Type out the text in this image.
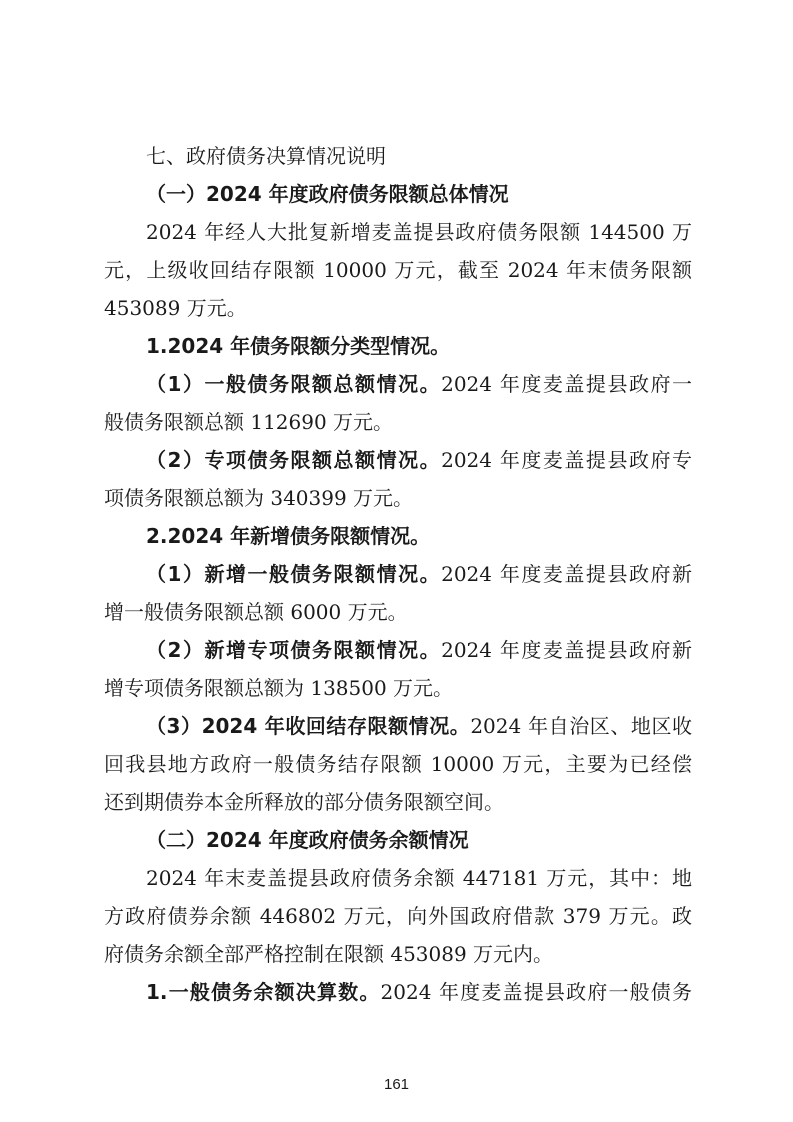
七、政府债务决算情况说明
（一）2024 年度政府债务限额总体情况
2024 年经人大批复新增麦盖提县政府债务限额 144500 万
元，上级收回结存限额 10000 万元，截至 2024 年末债务限额
453089 万元。
1.2024 年债务限额分类型情况。
（1）一般债务限额总额情况。2024 年度麦盖提县政府一
般债务限额总额 112690 万元。
（2）专项债务限额总额情况。2024 年度麦盖提县政府专
项债务限额总额为 340399 万元。
2.2024 年新增债务限额情况。
（1）新增一般债务限额情况。2024 年度麦盖提县政府新
增一般债务限额总额 6000 万元。
（2）新增专项债务限额情况。2024 年度麦盖提县政府新
增专项债务限额总额为 138500 万元。
（3）2024 年收回结存限额情况。2024 年自治区、地区收
回我县地方政府一般债务结存限额 10000 万元，主要为已经偿
还到期债券本金所释放的部分债务限额空间。
（二）2024 年度政府债务余额情况
2024 年末麦盖提县政府债务余额 447181 万元，其中：地
方政府债券余额 446802 万元，向外国政府借款 379 万元。政
府债务余额全部严格控制在限额 453089 万元内。
1.一般债务余额决算数。2024 年度麦盖提县政府一般债务
161
